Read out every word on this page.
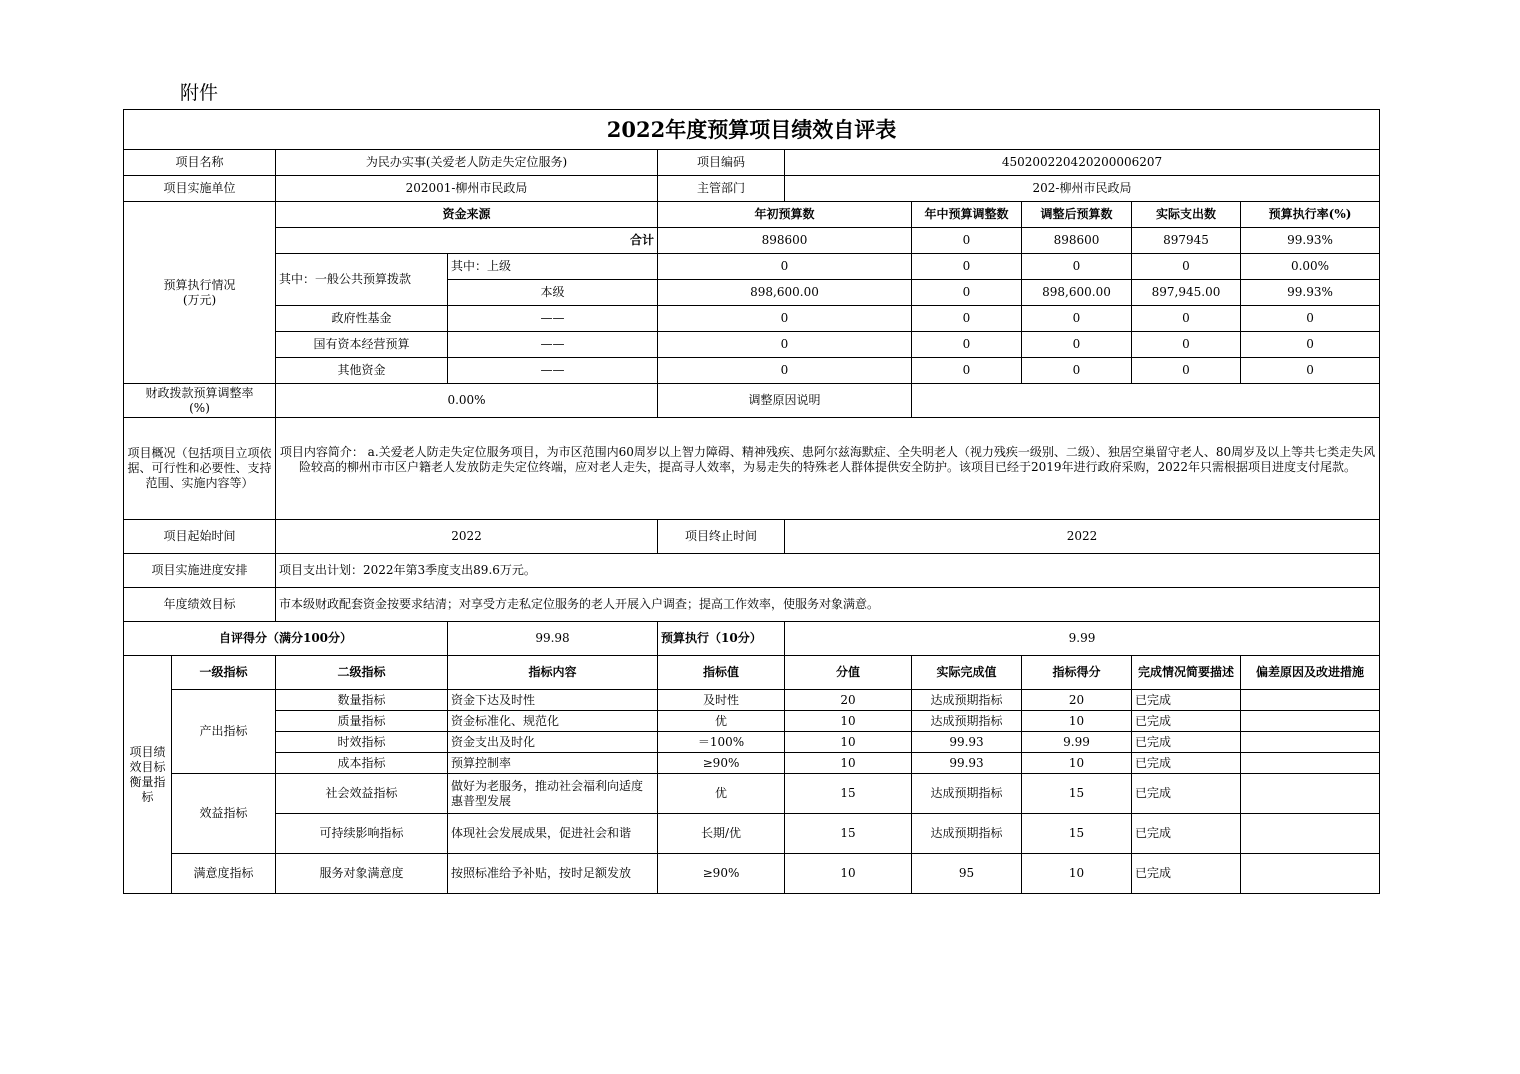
附件
2022年度预算项目绩效自评表									
项目名称		为民办实事(关爱老人防走失定位服务)		项目编码	450200220420200006207				
项目实施单位		202001-柳州市民政局		主管部门	202-柳州市民政局				
预算执行情况
(万元)		资金来源		年初预算数		年中预算调整数	调整后预算数	实际支出数	预算执行率(%)
		合计		898600		0	898600	897945	99.93%
		其中：一般公共预算拨款	其中：上级	0		0	0	0	0.00%
			本级	898,600.00		0	898,600.00	897,945.00	99.93%
		政府性基金	——	0		0	0	0	0
		国有资本经营预算	——	0		0	0	0	0
		其他资金	——	0		0	0	0	0
财政拨款预算调整率
(%)		0.00%		调整原因说明					
项目概况（包括项目立项依据、可行性和必要性、支持范围、实施内容等）		项目内容简介： a.关爱老人防走失定位服务项目，为市区范围内60周岁以上智力障碍、精神残疾、患阿尔兹海默症、全失明老人（视力残疾一级别、二级）、独居空巢留守老人、80周岁及以上等共七类走失风险较高的柳州市市区户籍老人发放防走失定位终端，应对老人走失，提高寻人效率，为易走失的特殊老人群体提供安全防护。该项目已经于2019年进行政府采购，2022年只需根据项目进度支付尾款。							
项目起始时间		2022		项目终止时间	2022				
项目实施进度安排		项目支出计划：2022年第3季度支出89.6万元。							
年度绩效目标		市本级财政配套资金按要求结清；对享受方走私定位服务的老人开展入户调查；提高工作效率，使服务对象满意。							
自评得分（满分100分）			99.98	预算执行（10分）	9.99				
项目绩效目标衡量指标	一级指标	二级指标	指标内容	指标值	分值	实际完成值	指标得分	完成情况简要描述	偏差原因及改进措施
	产出指标	数量指标	资金下达及时性	及时性	20	达成预期指标	20	已完成	
		质量指标	资金标准化、规范化	优	10	达成预期指标	10	已完成	
		时效指标	资金支出及时化	＝100%	10	99.93	9.99	已完成	
		成本指标	预算控制率	≥90%	10	99.93	10	已完成	
	效益指标	社会效益指标	做好为老服务，推动社会福利向适度惠普型发展	优	15	达成预期指标	15	已完成	
		可持续影响指标	体现社会发展成果，促进社会和谐	长期/优	15	达成预期指标	15	已完成	
	满意度指标	服务对象满意度	按照标准给予补贴，按时足额发放	≥90%	10	95	10	已完成	
